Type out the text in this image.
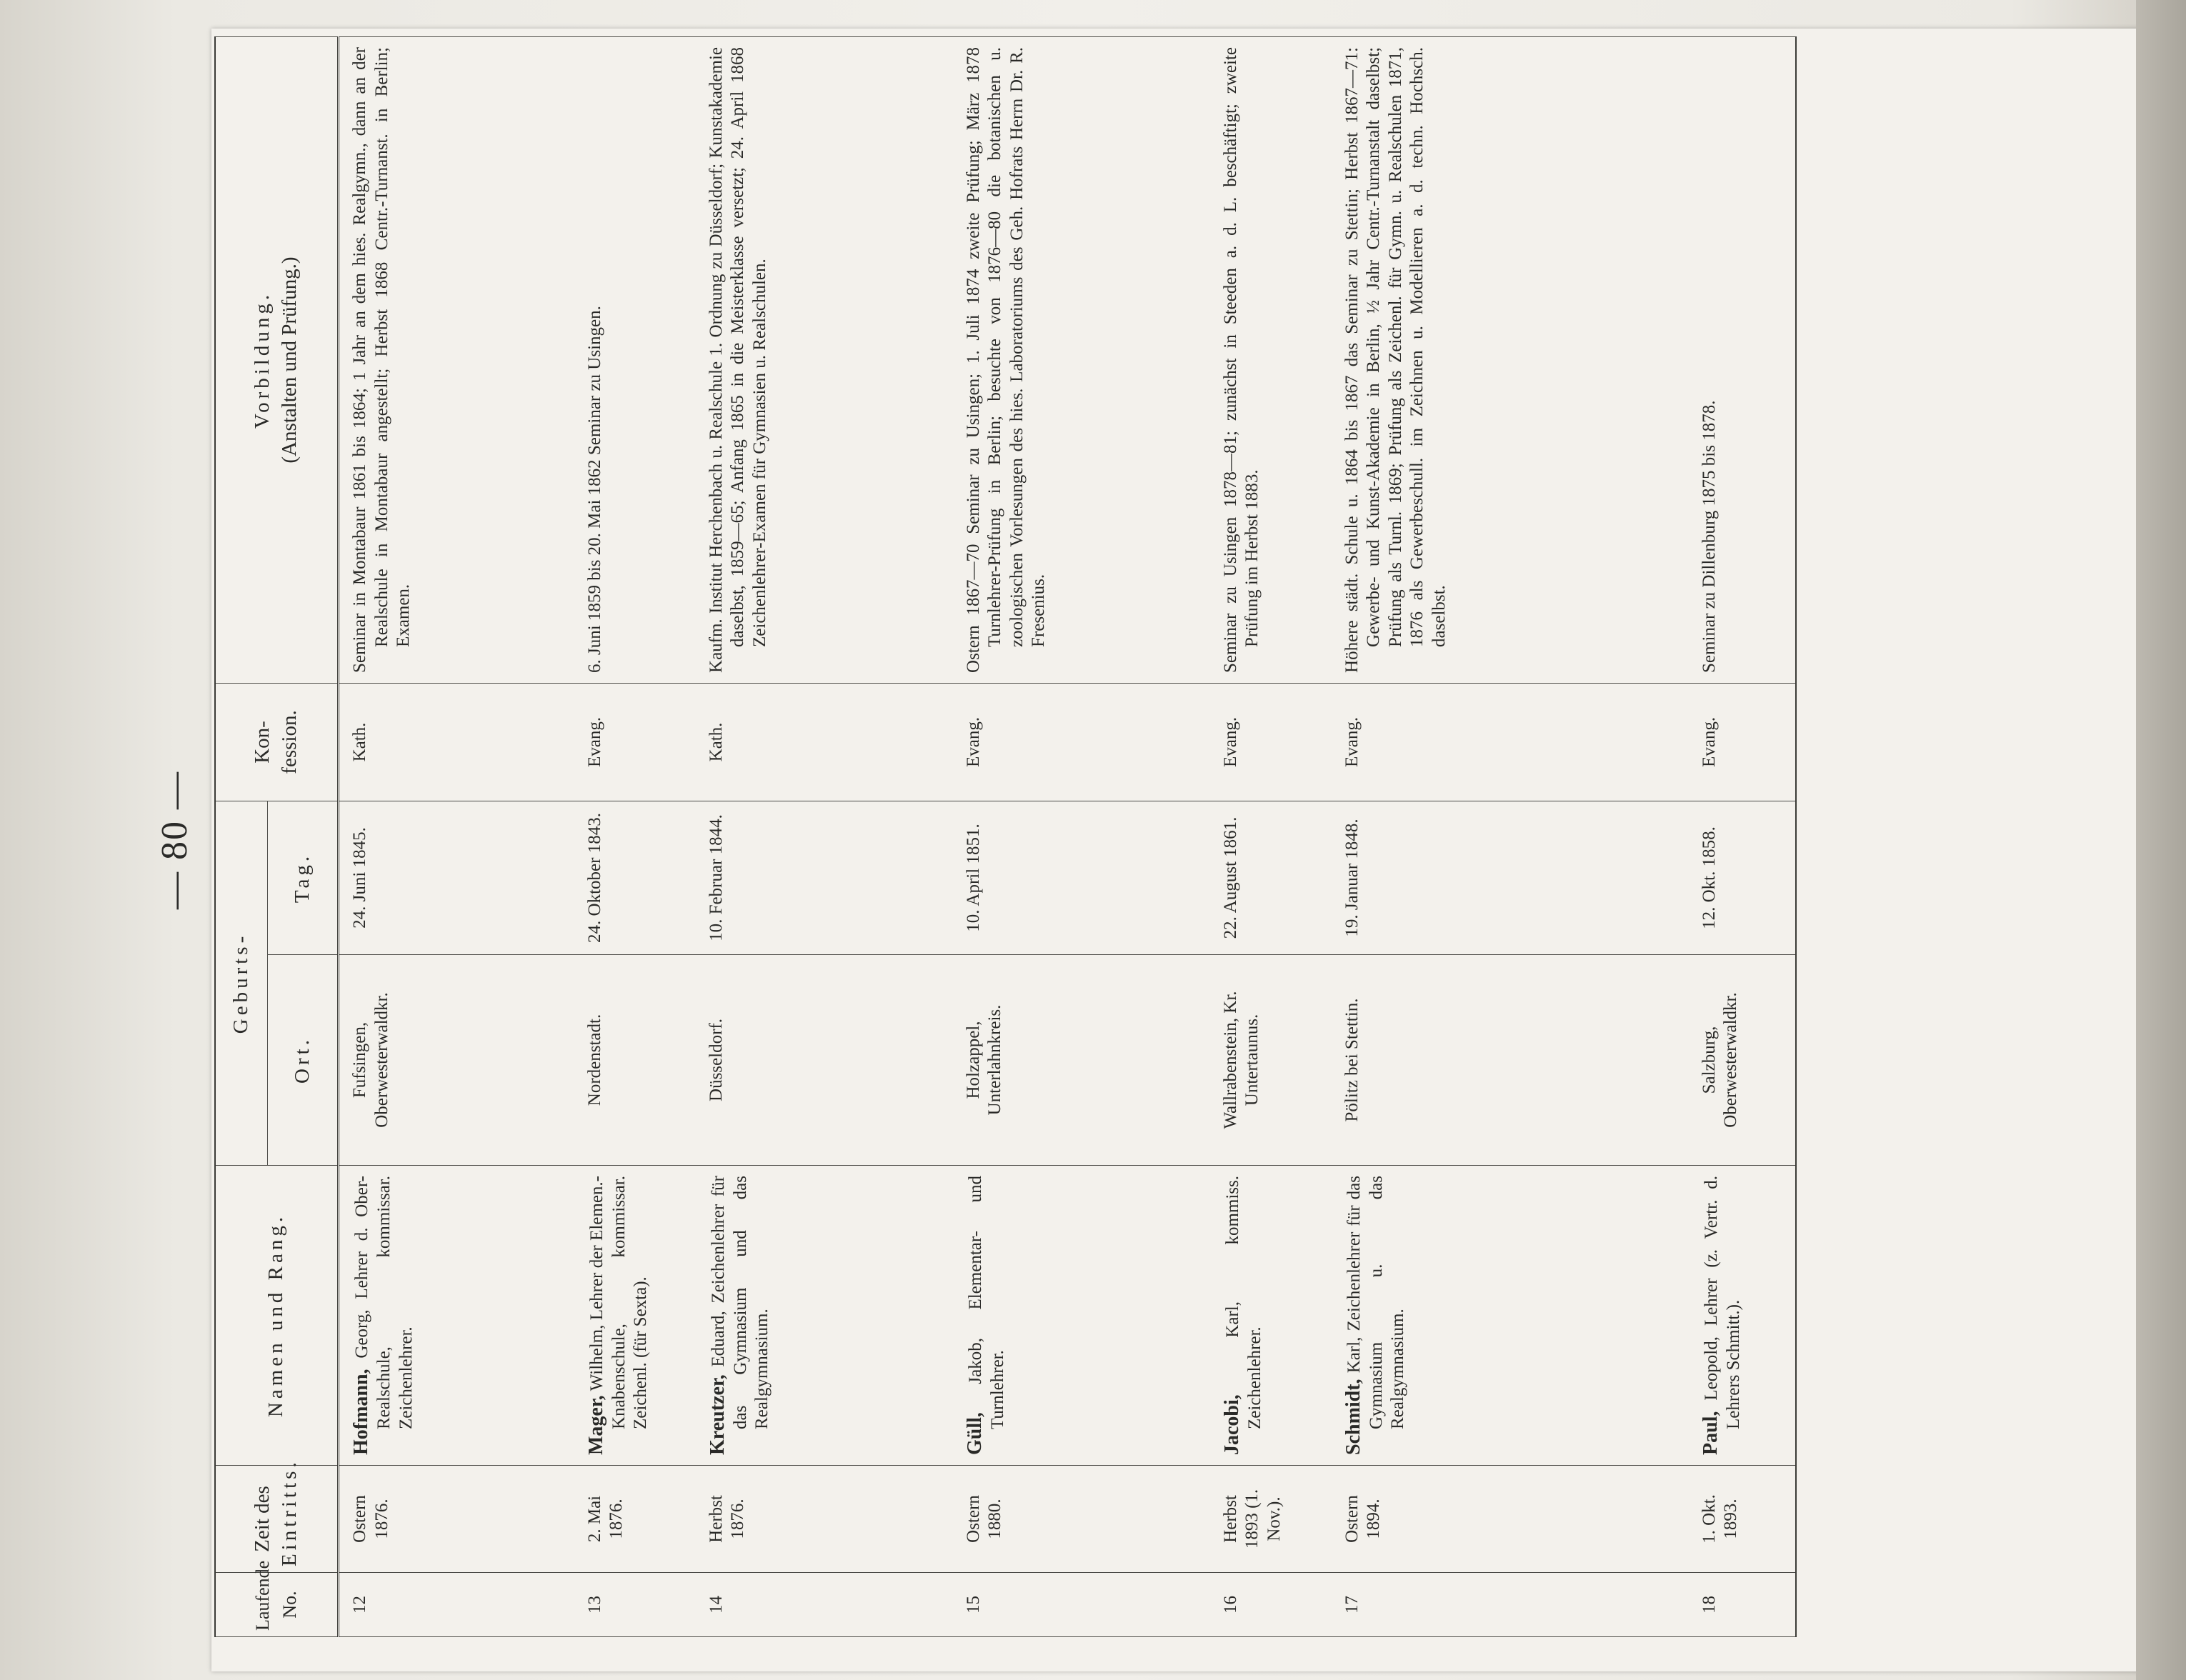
— 80 —
Laufende No.	Zeit des Eintritts.	Namen und Rang.	Geburts-		Kon- fession.	Vorbildung. (Anstalten und Prüfung.)
			Ort.	Tag.		
12	Ostern 1876.	Hofmann, Georg, Lehrer d. Ober-Realschule, kommissar. Zeichenlehrer.	Fufsingen, Oberwesterwaldkr.	24. Juni 1845.	Kath.	Seminar in Montabaur 1861 bis 1864; 1 Jahr an dem hies. Realgymn., dann an der Realschule in Montabaur angestellt; Herbst 1868 Centr.-Turnanst. in Berlin; Examen.

13	2. Mai 1876.	Mager, Wilhelm, Lehrer der Elemen.-Knabenschule, kommissar. Zeichenl. (für Sexta).	Nordenstadt.	24. Oktober 1843.	Evang.	6. Juni 1859 bis 20. Mai 1862 Seminar zu Usingen.

14	Herbst 1876.	Kreutzer, Eduard, Zeichenlehrer für das Gymnasium und das Realgymnasium.	Düsseldorf.	10. Februar 1844.	Kath.	Kaufm. Institut Herchenbach u. Realschule 1. Ordnung zu Düsseldorf; Kunstakademie daselbst, 1859—65; Anfang 1865 in die Meisterklasse versetzt; 24. April 1868 Zeichenlehrer-Examen für Gymnasien u. Realschulen.

15	Ostern 1880.	Güll, Jakob, Elementar- und Turnlehrer.	Holzappel, Unterlahnkreis.	10. April 1851.	Evang.	Ostern 1867—70 Seminar zu Usingen; 1. Juli 1874 zweite Prüfung; März 1878 Turnlehrer-Prüfung in Berlin; besuchte von 1876—80 die botanischen u. zoologischen Vorlesungen des hies. Laboratoriums des Geh. Hofrats Herrn Dr. R. Fresenius.

16	Herbst 1893 (1. Nov.).	Jacobi, Karl, kommiss. Zeichenlehrer.	Wallrabenstein, Kr. Untertaunus.	22. August 1861.	Evang.	Seminar zu Usingen 1878—81; zunächst in Steeden a. d. L. beschäftigt; zweite Prüfung im Herbst 1883.

17	Ostern 1894.	Schmidt, Karl, Zeichenlehrer für das Gymnasium u. das Realgymnasium.	Pölitz bei Stettin.	19. Januar 1848.	Evang.	Höhere städt. Schule u. 1864 bis 1867 das Seminar zu Stettin; Herbst 1867—71: Gewerbe- und Kunst-Akademie in Berlin, ½ Jahr Centr.-Turnanstalt daselbst; Prüfung als Turnl. 1869; Prüfung als Zeichenl. für Gymn. u. Realschulen 1871, 1876 als Gewerbeschull. im Zeichnen u. Modellieren a. d. techn. Hochsch. daselbst.

18	1. Okt. 1893.	Paul, Leopold, Lehrer (z. Vertr. d. Lehrers Schmitt.).	Salzburg, Oberwesterwaldkr.	12. Okt. 1858.	Evang.	Seminar zu Dillenburg 1875 bis 1878.
